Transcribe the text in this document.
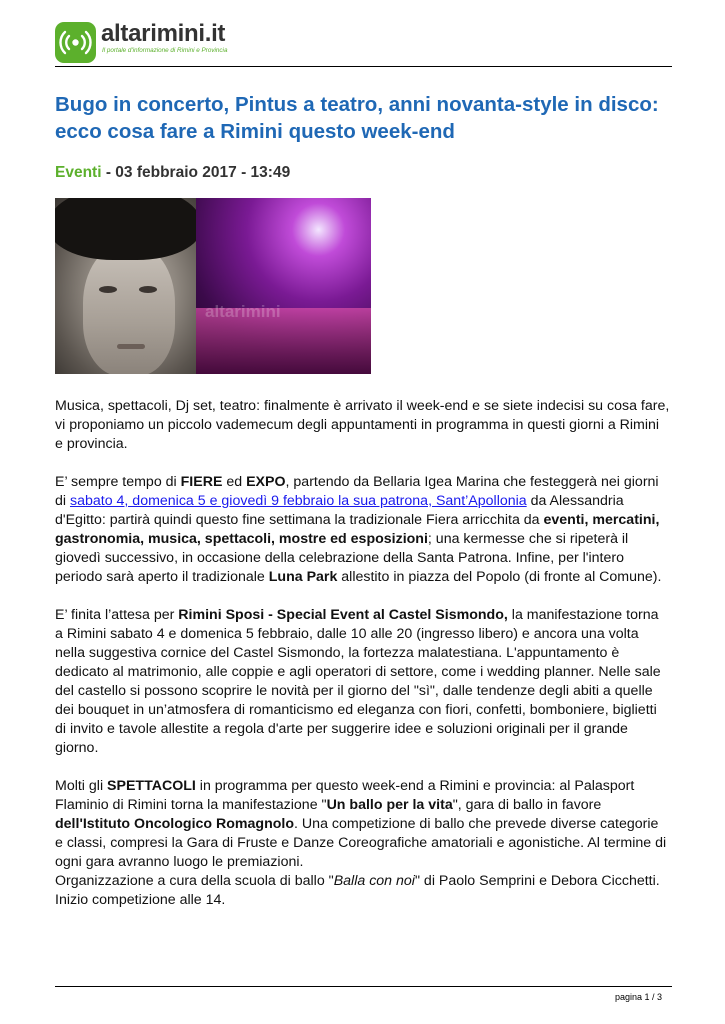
altarimini.it
Il portale d'informazione di Rimini e Provincia
Bugo in concerto, Pintus a teatro, anni novanta-style in disco: ecco cosa fare a Rimini questo week-end
Eventi - 03 febbraio 2017 - 13:49
altarimini

Musica, spettacoli, Dj set, teatro: finalmente è arrivato il week-end e se siete indecisi su cosa fare, vi proponiamo un piccolo vademecum degli appuntamenti in programma in questi giorni a Rimini e provincia.

E’ sempre tempo di FIERE ed EXPO, partendo da Bellaria Igea Marina che festeggerà nei giorni di sabato 4, domenica 5 e giovedì 9 febbraio la sua patrona, Sant’Apollonia da Alessandria d'Egitto: partirà quindi questo fine settimana la tradizionale Fiera arricchita da eventi, mercatini, gastronomia, musica, spettacoli, mostre ed esposizioni; una kermesse che si ripeterà il giovedì successivo, in occasione della celebrazione della Santa Patrona. Infine, per l'intero periodo sarà aperto il tradizionale Luna Park allestito in piazza del Popolo (di fronte al Comune).

E’ finita l’attesa per Rimini Sposi - Special Event al Castel Sismondo, la manifestazione torna a Rimini sabato 4 e domenica 5 febbraio, dalle 10 alle 20 (ingresso libero) e ancora una volta nella suggestiva cornice del Castel Sismondo, la fortezza malatestiana. L'appuntamento è dedicato al matrimonio, alle coppie e agli operatori di settore, come i wedding planner. Nelle sale del castello si possono scoprire le novità per il giorno del "sì", dalle tendenze degli abiti a quelle dei bouquet in un’atmosfera di romanticismo ed eleganza con fiori, confetti, bomboniere, biglietti di invito e tavole allestite a regola d'arte per suggerire idee e soluzioni originali per il grande giorno.

Molti gli SPETTACOLI in programma per questo week-end a Rimini e provincia: al Palasport Flaminio di Rimini torna la manifestazione "Un ballo per la vita", gara di ballo in favore dell'Istituto Oncologico Romagnolo. Una competizione di ballo che prevede diverse categorie e classi, compresi la Gara di Fruste e Danze Coreografiche amatoriali e agonistiche. Al termine di ogni gara avranno luogo le premiazioni.

Organizzazione a cura della scuola di ballo "Balla con noi" di Paolo Semprini e Debora Cicchetti. Inizio competizione alle 14.

pagina 1 / 3
